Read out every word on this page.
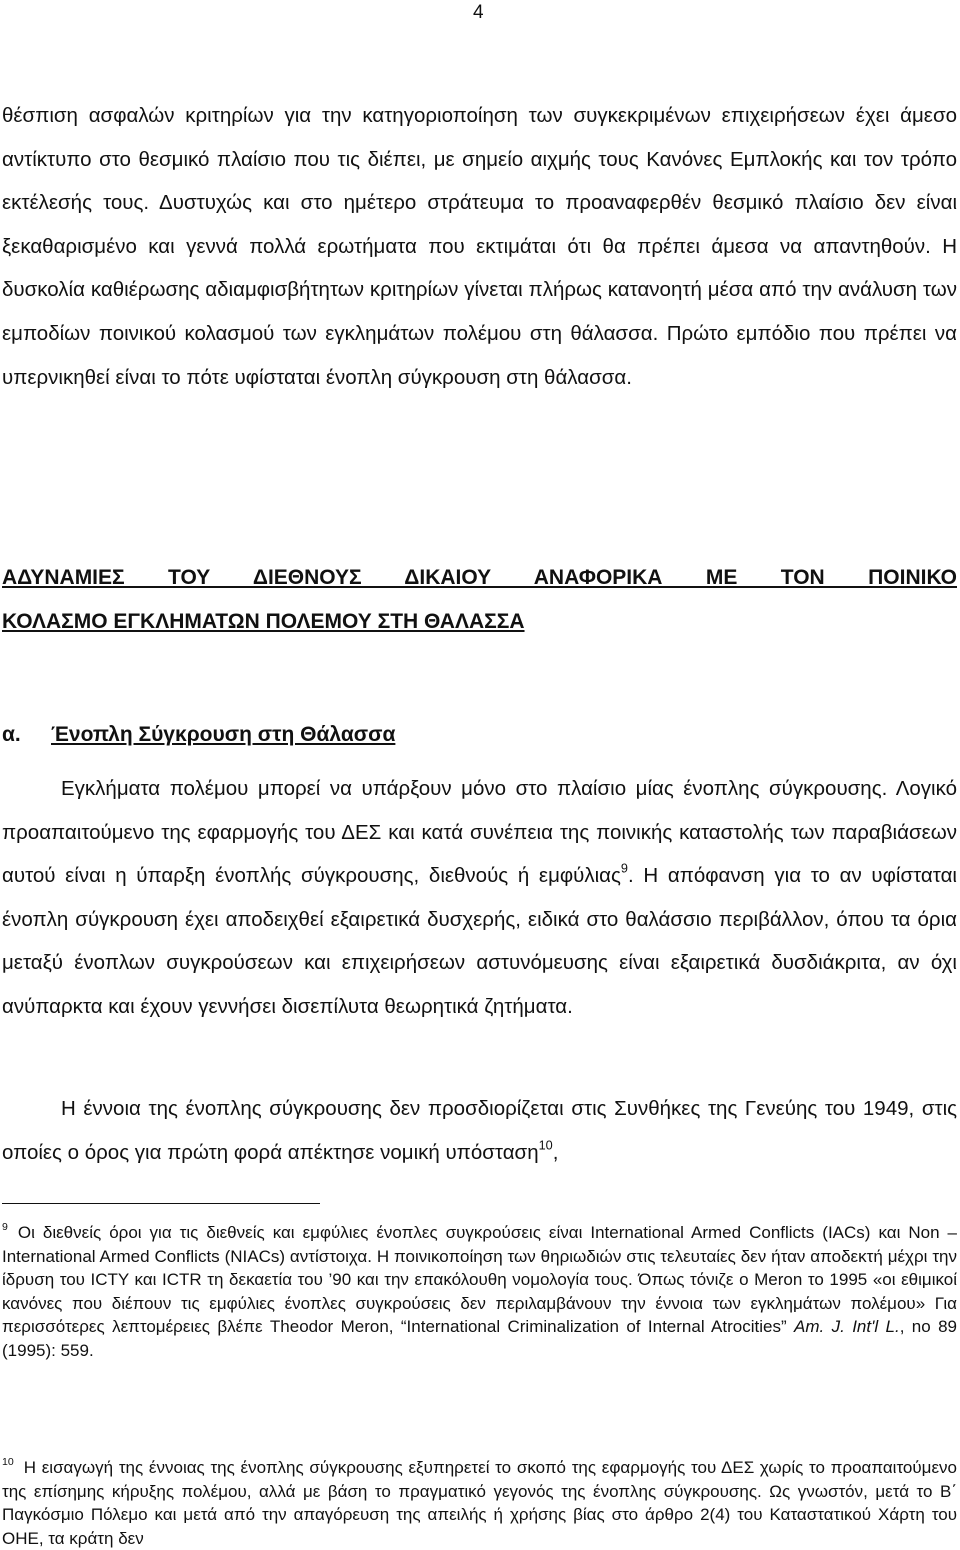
4

θέσπιση ασφαλών κριτηρίων για την κατηγοριοποίηση των συγκεκριμένων επιχειρήσεων έχει άμεσο αντίκτυπο στο θεσμικό πλαίσιο που τις διέπει, με σημείο αιχμής τους Κανόνες Εμπλοκής και τον τρόπο εκτέλεσής τους. Δυστυχώς και στο ημέτερο στράτευμα το προαναφερθέν θεσμικό πλαίσιο δεν είναι ξεκαθαρισμένο και γεννά πολλά ερωτήματα που εκτιμάται ότι θα πρέπει άμεσα να απαντηθούν. Η δυσκολία καθιέρωσης αδιαμφισβήτητων κριτηρίων γίνεται πλήρως κατανοητή μέσα από την ανάλυση των εμποδίων ποινικού κολασμού των εγκλημάτων πολέμου στη θάλασσα. Πρώτο εμπόδιο που πρέπει να υπερνικηθεί είναι το πότε υφίσταται ένοπλη σύγκρουση στη θάλασσα.

ΑΔΥΝΑΜΙΕΣ ΤΟΥ ΔΙΕΘΝΟΥΣ ΔΙΚΑΙΟΥ ΑΝΑΦΟΡΙΚΑ ΜΕ ΤΟΝ ΠΟΙΝΙΚΟ
ΚΟΛΑΣΜΟ ΕΓΚΛΗΜΑΤΩΝ ΠΟΛΕΜΟΥ ΣΤΗ ΘΑΛΑΣΣΑ
α. Ένοπλη Σύγκρουση στη Θάλασσα

Εγκλήματα πολέμου μπορεί να υπάρξουν μόνο στο πλαίσιο μίας ένοπλης σύγκρουσης. Λογικό προαπαιτούμενο της εφαρμογής του ΔΕΣ και κατά συνέπεια της ποινικής καταστολής των παραβιάσεων αυτού είναι η ύπαρξη ένοπλής σύγκρουσης, διεθνούς ή εμφύλιας$^9$. Η απόφανση για το αν υφίσταται ένοπλη σύγκρουση έχει αποδειχθεί εξαιρετικά δυσχερής, ειδικά στο θαλάσσιο περιβάλλον, όπου τα όρια μεταξύ ένοπλων συγκρούσεων και επιχειρήσεων αστυνόμευσης είναι εξαιρετικά δυσδιάκριτα, αν όχι ανύπαρκτα και έχουν γεννήσει δισεπίλυτα θεωρητικά ζητήματα.

Η έννοια της ένοπλης σύγκρουσης δεν προσδιορίζεται στις Συνθήκες της Γενεύης του 1949, στις οποίες ο όρος για πρώτη φορά απέκτησε νομική υπόσταση$^{10}$,

$^9$ Οι διεθνείς όροι για τις διεθνείς και εμφύλιες ένοπλες συγκρούσεις είναι International Armed Conflicts (IACs) και Non – International Armed Conflicts (NIACs) αντίστοιχα. Η ποινικοποίηση των θηριωδιών στις τελευταίες δεν ήταν αποδεκτή μέχρι την ίδρυση του ICTY και ICTR τη δεκαετία του ’90 και την επακόλουθη νομολογία τους. Όπως τόνιζε ο Meron το 1995 «οι εθιμικοί κανόνες που διέπουν τις εμφύλιες ένοπλες συγκρούσεις δεν περιλαμβάνουν την έννοια των εγκλημάτων πολέμου» Για περισσότερες λεπτομέρειες βλέπε Theodor Meron, “International Criminalization of Internal Atrocities” Am. J. Int'l L., no 89 (1995): 559.

$^{10}$ Η εισαγωγή της έννοιας της ένοπλης σύγκρουσης εξυπηρετεί το σκοπό της εφαρμογής του ΔΕΣ χωρίς το προαπαιτούμενο της επίσημης κήρυξης πολέμου, αλλά με βάση το πραγματικό γεγονός της ένοπλης σύγκρουσης. Ως γνωστόν, μετά το Β΄ Παγκόσμιο Πόλεμο και μετά από την απαγόρευση της απειλής ή χρήσης βίας στο άρθρο 2(4) του Καταστατικού Χάρτη του ΟΗΕ, τα κράτη δεν
